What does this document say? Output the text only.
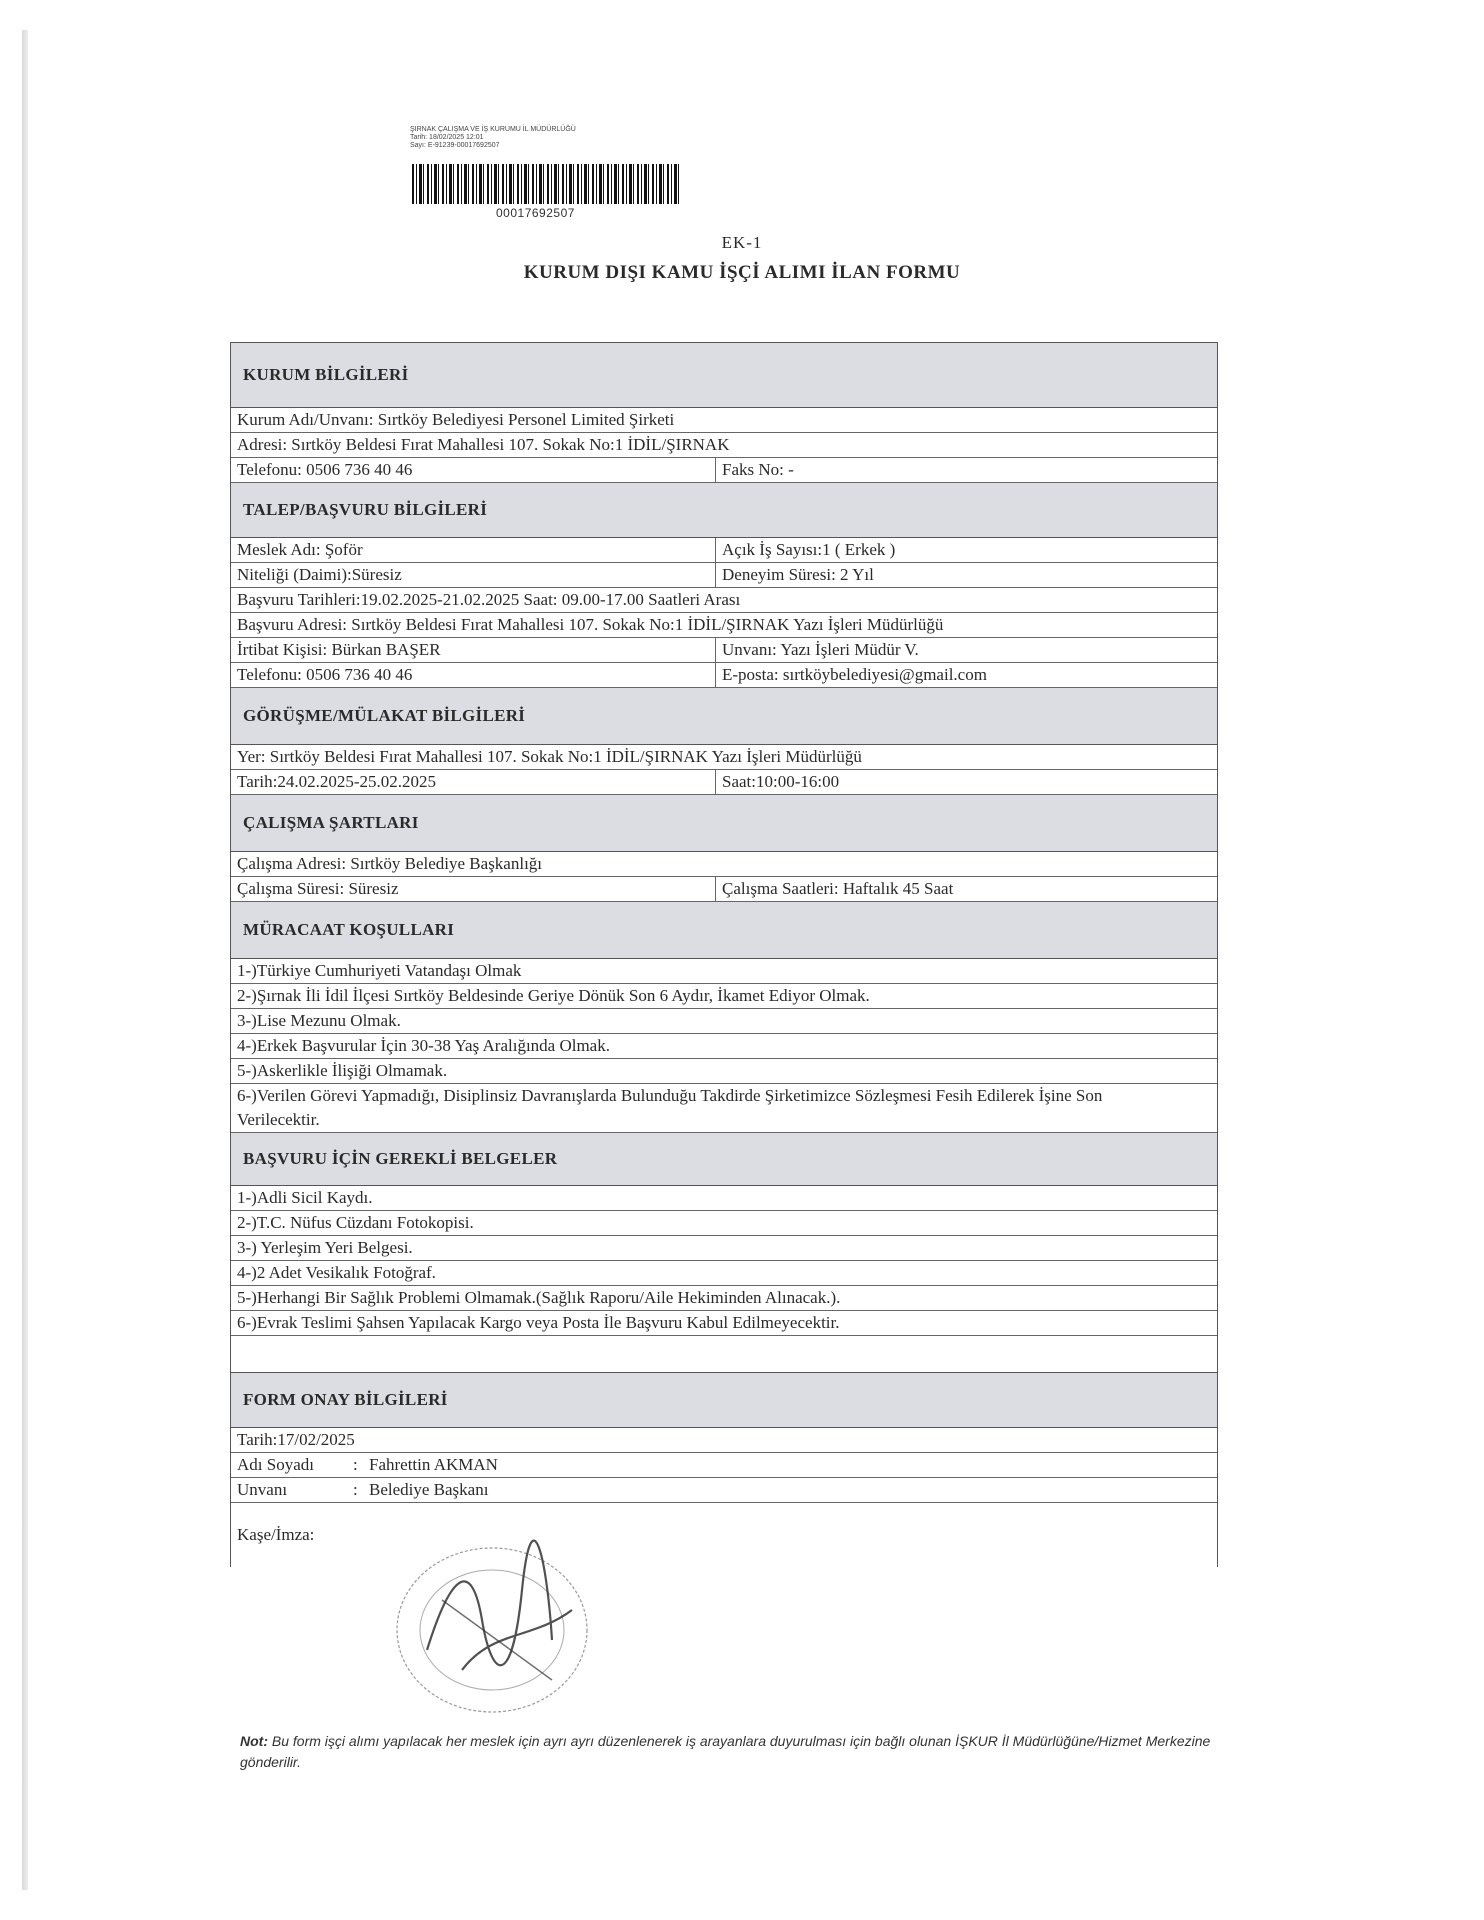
ŞIRNAK ÇALIŞMA VE İŞ KURUMU İL MÜDÜRLÜĞÜ
Tarih: 18/02/2025 12:01
Sayı: E-91239-00017692507
00017692507
EK-1
KURUM DIŞI KAMU İŞÇİ ALIMI İLAN FORMU
KURUM BİLGİLERİ
Kurum Adı/Unvanı: Sırtköy Belediyesi Personel Limited Şirketi
Adresi: Sırtköy Beldesi Fırat Mahallesi 107. Sokak No:1 İDİL/ŞIRNAK
Telefonu: 0506 736 40 46	Faks No: -
TALEP/BAŞVURU BİLGİLERİ
Meslek Adı: Şoför	Açık İş Sayısı:1 ( Erkek )
Niteliği (Daimi):Süresiz	Deneyim Süresi: 2 Yıl
Başvuru Tarihleri:19.02.2025-21.02.2025 Saat: 09.00-17.00 Saatleri Arası
Başvuru Adresi: Sırtköy Beldesi Fırat Mahallesi 107. Sokak No:1 İDİL/ŞIRNAK Yazı İşleri Müdürlüğü
İrtibat Kişisi: Bürkan BAŞER	Unvanı: Yazı İşleri Müdür V.
Telefonu: 0506 736 40 46	E-posta: sırtköybelediyesi@gmail.com
GÖRÜŞME/MÜLAKAT BİLGİLERİ
Yer: Sırtköy Beldesi Fırat Mahallesi 107. Sokak No:1 İDİL/ŞIRNAK Yazı İşleri Müdürlüğü
Tarih:24.02.2025-25.02.2025	Saat:10:00-16:00
ÇALIŞMA ŞARTLARI
Çalışma Adresi: Sırtköy Belediye Başkanlığı
Çalışma Süresi: Süresiz	Çalışma Saatleri: Haftalık 45 Saat
MÜRACAAT KOŞULLARI
1-)Türkiye Cumhuriyeti Vatandaşı Olmak
2-)Şırnak İli İdil İlçesi Sırtköy Beldesinde Geriye Dönük Son 6 Aydır, İkamet Ediyor Olmak.
3-)Lise Mezunu Olmak.
4-)Erkek Başvurular İçin 30-38 Yaş Aralığında Olmak.
5-)Askerlikle İlişiği Olmamak.
6-)Verilen Görevi Yapmadığı, Disiplinsiz Davranışlarda Bulunduğu Takdirde Şirketimizce Sözleşmesi Fesih Edilerek İşine Son Verilecektir.
BAŞVURU İÇİN GEREKLİ BELGELER
1-)Adli Sicil Kaydı.
2-)T.C. Nüfus Cüzdanı Fotokopisi.
3-) Yerleşim Yeri Belgesi.
4-)2 Adet Vesikalık Fotoğraf.
5-)Herhangi Bir Sağlık Problemi Olmamak.(Sağlık Raporu/Aile Hekiminden Alınacak.).
6-)Evrak Teslimi Şahsen Yapılacak Kargo veya Posta İle Başvuru Kabul Edilmeyecektir.
FORM ONAY BİLGİLERİ
Tarih:17/02/2025
Adı Soyadı	: Fahrettin AKMAN
Unvanı	: Belediye Başkanı
Kaşe/İmza:
Not: Bu form işçi alımı yapılacak her meslek için ayrı ayrı düzenlenerek iş arayanlara duyurulması için bağlı olunan İŞKUR İl Müdürlüğüne/Hizmet Merkezine gönderilir.
